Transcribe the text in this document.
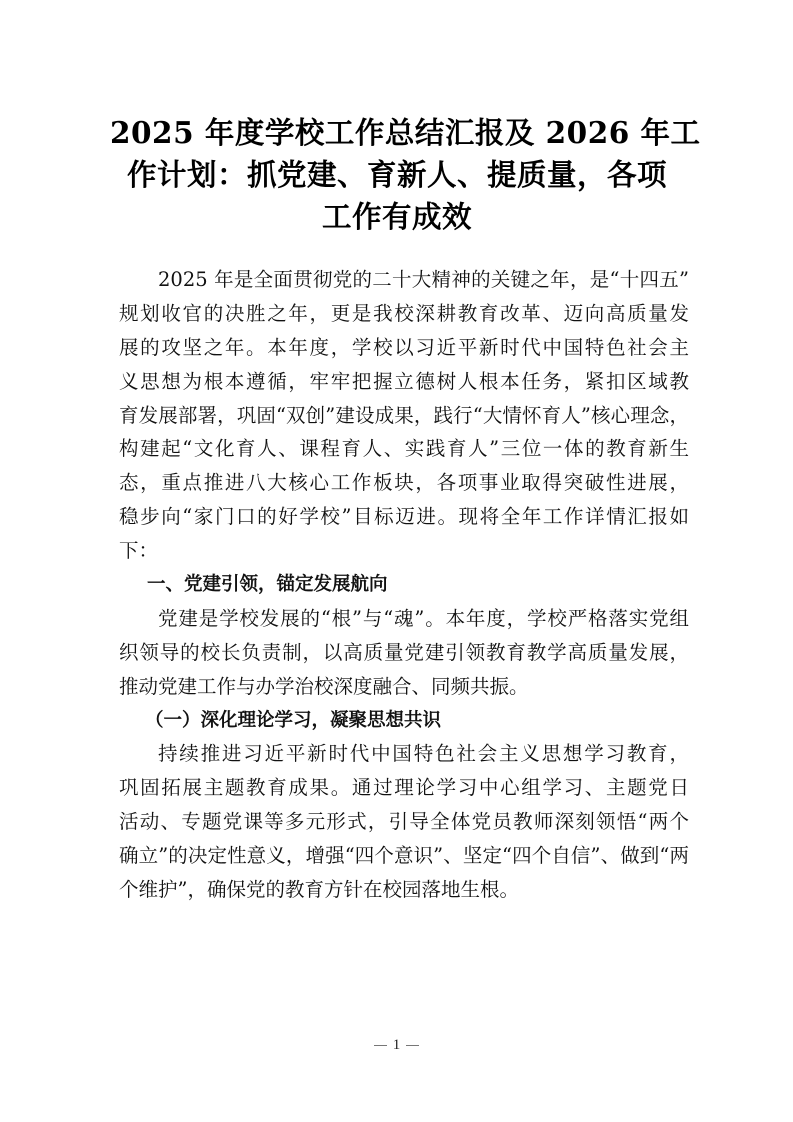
2025 年度学校工作总结汇报及 2026 年工
作计划：抓党建、育新人、提质量，各项
工作有成效
2025 年是全面贯彻党的二十大精神的关键之年，是“十四五”
规划收官的决胜之年，更是我校深耕教育改革、迈向高质量发
展的攻坚之年。本年度，学校以习近平新时代中国特色社会主
义思想为根本遵循，牢牢把握立德树人根本任务，紧扣区域教
育发展部署，巩固“双创”建设成果，践行“大情怀育人”核心理念，
构建起“文化育人、课程育人、实践育人”三位一体的教育新生
态，重点推进八大核心工作板块，各项事业取得突破性进展，
稳步向“家门口的好学校”目标迈进。现将全年工作详情汇报如
下：
一、党建引领，锚定发展航向
党建是学校发展的“根”与“魂”。本年度，学校严格落实党组
织领导的校长负责制，以高质量党建引领教育教学高质量发展，
推动党建工作与办学治校深度融合、同频共振。
（一）深化理论学习，凝聚思想共识
持续推进习近平新时代中国特色社会主义思想学习教育，
巩固拓展主题教育成果。通过理论学习中心组学习、主题党日
活动、专题党课等多元形式，引导全体党员教师深刻领悟“两个
确立”的决定性意义，增强“四个意识”、坚定“四个自信”、做到“两
个维护”，确保党的教育方针在校园落地生根。
1
